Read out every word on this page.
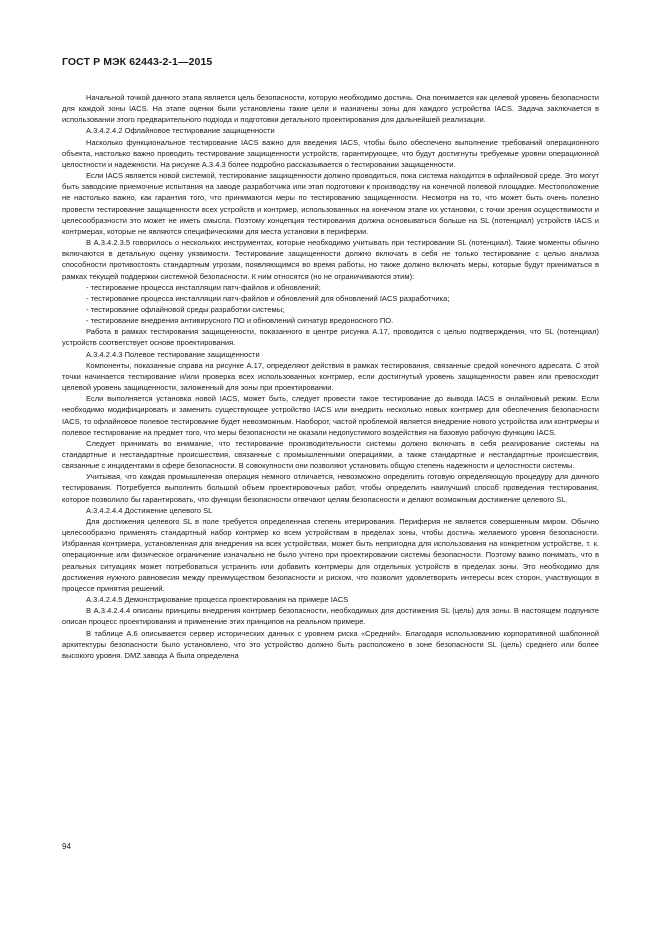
ГОСТ Р МЭК 62443-2-1—2015

Начальной точкой данного этапа является цель безопасности, которую необходимо достичь. Она понимается как целевой уровень безопасности для каждой зоны IACS. На этапе оценки были установлены такие цели и назначены зоны для каждого устройства IACS. Задача заключается в использовании этого предварительного подхода и подготовки детального проектирования для дальнейшей реализации.

А.3.4.2.4.2 Офлайновое тестирование защищенности

Насколько функциональное тестирование IACS важно для введения IACS, чтобы было обеспечено выполнение требований операционного объекта, настолько важно проводить тестирование защищенности устройств, гарантирующее, что будут достигнуты требуемые уровни операционной целостности и надежности. На рисунке А.3.4.3 более подробно рассказывается о тестировании защищенности.

Если IACS является новой системой, тестирование защищенности должно проводиться, пока система находится в офлайновой среде. Это могут быть заводские приемочные испытания на заводе разработчика или этап подготовки к производству на конечной полевой площадке. Местоположение не настолько важно, как гарантия того, что принимаются меры по тестированию защищенности. Несмотря на то, что может быть очень полезно провести тестирование защищенности всех устройств и контрмер, использованных на конечном этапе их установки, с точки зрения осуществимости и целесообразности это может не иметь смысла. Поэтому концепция тестирования должна основываться больше на SL (потенциал) устройств IACS и контрмерах, которые не являются специфическими для места установки в периферии.

В А.3.4.2.3.5 говорилось о нескольких инструментах, которые необходимо учитывать при тестировании SL (потенциал). Такие моменты обычно включаются в детальную оценку уязвимости. Тестирование защищенности должно включать в себя не только тестирование с целью анализа способности противостоять стандартным угрозам, появляющимся во время работы, но также должно включать меры, которые будут приниматься в рамках текущей поддержки системной безопасности. К ним относятся (но не ограничиваются этим):

- тестирование процесса инсталляции патч-файлов и обновлений;

- тестирование процесса инсталляции патч-файлов и обновлений для обновлений IACS разработчика;

- тестирование офлайновой среды разработки системы;

- тестирование внедрения антивирусного ПО и обновлений сигнатур вредоносного ПО.

Работа в рамках тестирования защищенности, показанного в центре рисунка А.17, проводится с целью подтверждения, что SL (потенциал) устройств соответствует основе проектирования.

А.3.4.2.4.3 Полевое тестирование защищенности

Компоненты, показанные справа на рисунке А.17, определяют действия в рамках тестирования, связанные средой конечного адресата. С этой точки начинается тестирование и/или проверка всех использованных контрмер, если достигнутый уровень защищенности равен или превосходит целевой уровень защищенности, заложенный для зоны при проектировании.

Если выполняется установка новой IACS, может быть, следует провести такое тестирование до вывода IACS в онлайновый режим. Если необходимо модифицировать и заменить существующее устройство IACS или внедрить несколько новых контрмер для обеспечения безопасности IACS, то офлайновое полевое тестирование будет невозможным. Наоборот, частой проблемой является внедрение нового устройства или контрмеры и полевое тестирование на предмет того, что меры безопасности не оказали недопустимого воздействия на базовую рабочую функцию IACS.

Следует принимать во внимание, что тестирование производительности системы должно включать в себя реагирование системы на стандартные и нестандартные происшествия, связанные с промышленными операциями, а также стандартные и нестандартные происшествия, связанные с инцидентами в сфере безопасности. В совокупности они позволяют установить общую степень надежности и целостности системы.

Учитывая, что каждая промышленная операция немного отличается, невозможно определить готовую определяющую процедуру для данного тестирования. Потребуется выполнить большой объем проектировочных работ, чтобы определить наилучший способ проведения тестирования, которое позволило бы гарантировать, что функции безопасности отвечают целям безопасности и делают возможным достижение целевого SL.

А.3.4.2.4.4 Достижение целевого SL

Для достижения целевого SL в поле требуется определенная степень итерирования. Периферия не является совершенным миром. Обычно целесообразно применять стандартный набор контрмер ко всем устройствам в пределах зоны, чтобы достичь желаемого уровня безопасности. Избранная контрмера, установленная для внедрения на всех устройствах, может быть непригодна для использования на конкретном устройстве, т. к. операционные или физическое ограничение изначально не было учтено при проектировании системы безопасности. Поэтому важно понимать, что в реальных ситуациях может потребоваться устранить или добавить контрмеры для отдельных устройств в пределах зоны. Это необходимо для достижения нужного равновесия между преимуществом безопасности и риском, что позволит удовлетворить интересы всех сторон, участвующих в процессе принятия решений.

А.3.4.2.4.5 Демонстрирование процесса проектирования на примере IACS

В А.3.4.2.4.4 описаны принципы внедрения контрмер безопасности, необходимых для достижения SL (цель) для зоны. В настоящем подпункте описан процесс проектирования и применение этих принципов на реальном примере.

В таблице А.6 описывается сервер исторических данных с уровнем риска «Средний». Благодаря использованию корпоративной шаблонной архитектуры безопасности было установлено, что это устройство должно быть расположено в зоне безопасности SL (цель) среднего или более высокого уровня. DMZ завода А была определена

94
